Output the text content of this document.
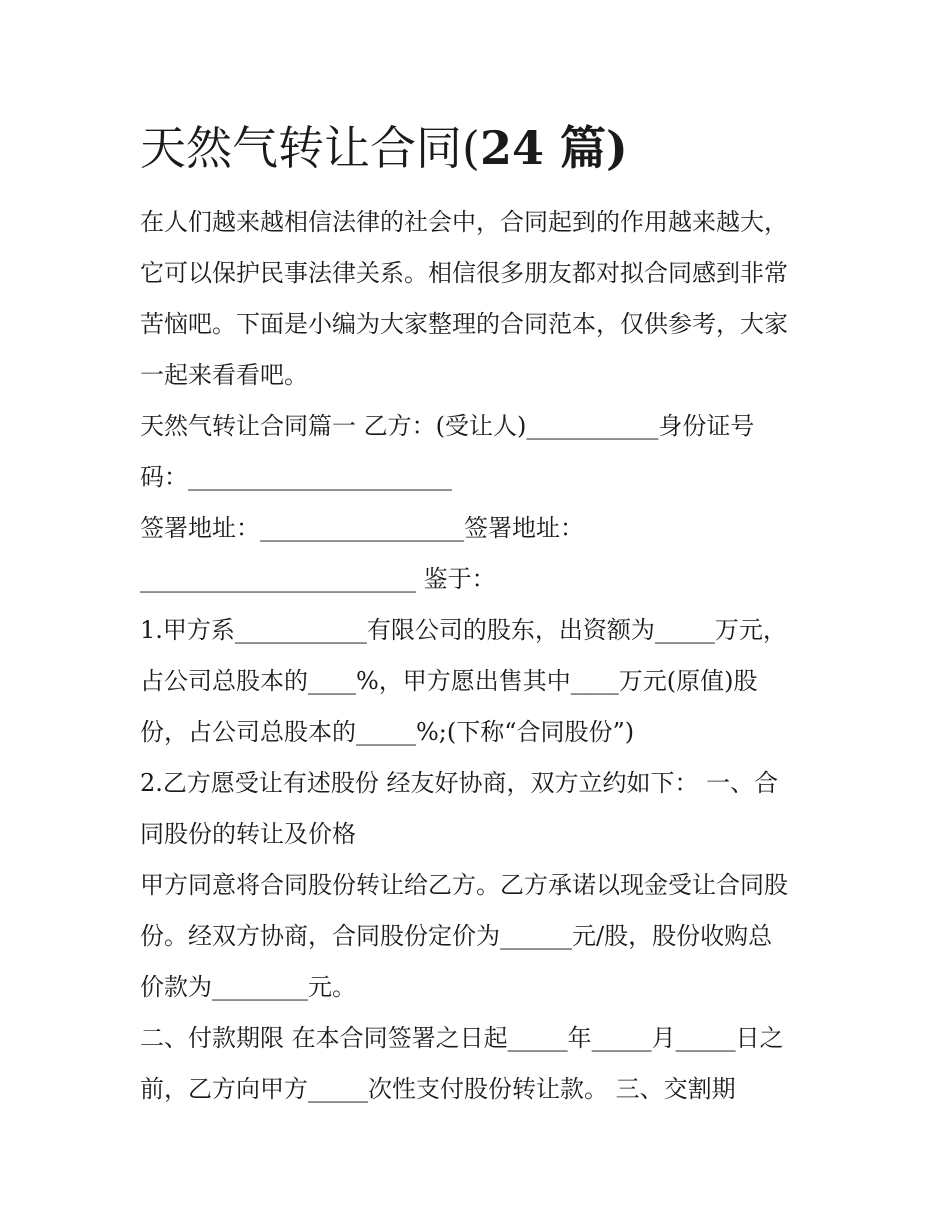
天然气转让合同(24 篇)

在人们越来越相信法律的社会中，合同起到的作用越来越大，

它可以保护民事法律关系。相信很多朋友都对拟合同感到非常

苦恼吧。下面是小编为大家整理的合同范本，仅供参考，大家

一起来看看吧。

天然气转让合同篇一 乙方：(受让人)___________身份证号

码：______________________

签署地址：_________________签署地址：

_______________________ 鉴于：

1.甲方系___________有限公司的股东，出资额为_____万元，

占公司总股本的____%，甲方愿出售其中____万元(原值)股

份，占公司总股本的_____%;(下称“合同股份”)

2.乙方愿受让有述股份 经友好协商，双方立约如下： 一、合

同股份的转让及价格

甲方同意将合同股份转让给乙方。乙方承诺以现金受让合同股

份。经双方协商，合同股份定价为______元/股，股份收购总

价款为________元。

二、付款期限 在本合同签署之日起_____年_____月_____日之

前，乙方向甲方_____次性支付股份转让款。 三、交割期
